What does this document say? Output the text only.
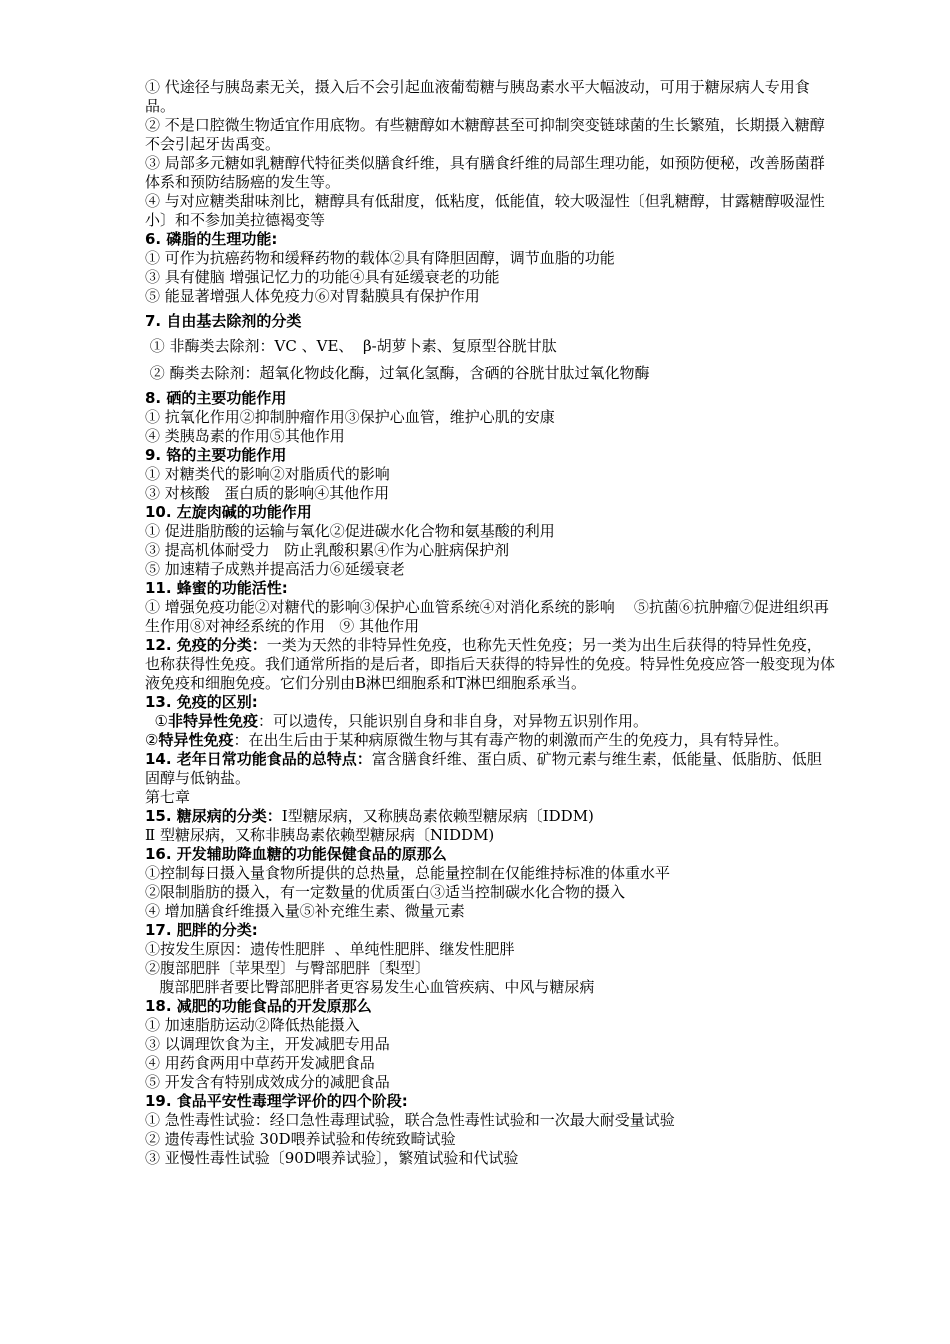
① 代途径与胰岛素无关，摄入后不会引起血液葡萄糖与胰岛素水平大幅波动，可用于糖尿病人专用食品。

② 不是口腔微生物适宜作用底物。有些糖醇如木糖醇甚至可抑制突变链球菌的生长繁殖，长期摄入糖醇不会引起牙齿禹变。

③ 局部多元糖如乳糖醇代特征类似膳食纤维，具有膳食纤维的局部生理功能，如预防便秘，改善肠菌群体系和预防结肠癌的发生等。

④ 与对应糖类甜味剂比，糖醇具有低甜度，低粘度，低能值，较大吸湿性〔但乳糖醇，甘露糖醇吸湿性小〕和不参加美拉德褐变等

6. 磷脂的生理功能:

① 可作为抗癌药物和缓释药物的载体②具有降胆固醇，调节血脂的功能

③ 具有健脑 增强记忆力的功能④具有延缓衰老的功能

⑤ 能显著增强人体免疫力⑥对胃黏膜具有保护作用

7. 自由基去除剂的分类

① 非酶类去除剂：VC 、VE、  β-胡萝卜素、复原型谷胱甘肽

② 酶类去除剂：超氧化物歧化酶，过氧化氢酶，含硒的谷胱甘肽过氧化物酶

8. 硒的主要功能作用

① 抗氧化作用②抑制肿瘤作用③保护心血管，维护心肌的安康

④ 类胰岛素的作用⑤其他作用

9. 铬的主要功能作用

① 对糖类代的影响②对脂质代的影响

③ 对核酸   蛋白质的影响④其他作用

10. 左旋肉碱的功能作用

① 促进脂肪酸的运输与氧化②促进碳水化合物和氨基酸的利用

③ 提高机体耐受力   防止乳酸积累④作为心脏病保护剂

⑤ 加速精子成熟并提高活力⑥延缓衰老

11. 蜂蜜的功能活性:

① 增强免疫功能②对糖代的影响③保护心血管系统④对消化系统的影响    ⑤抗菌⑥抗肿瘤⑦促进组织再生作用⑧对神经系统的作用   ⑨ 其他作用

12. 免疫的分类：一类为天然的非特异性免疫，也称先天性免疫；另一类为出生后获得的特异性免疫，也称获得性免疫。我们通常所指的是后者，即指后天获得的特异性的免疫。特异性免疫应答一般变现为体液免疫和细胞免疫。它们分别由B淋巴细胞系和T淋巴细胞系承当。

13. 免疫的区别:

①非特异性免疫：可以遗传，只能识别自身和非自身，对异物五识别作用。

②特异性免疫：在出生后由于某种病原微生物与其有毒产物的刺激而产生的免疫力，具有特异性。

14. 老年日常功能食品的总特点：富含膳食纤维、蛋白质、矿物元素与维生素，低能量、低脂肪、低胆固醇与低钠盐。

第七章

15. 糖尿病的分类：Ⅰ型糖尿病，又称胰岛素依赖型糖尿病〔IDDM)

Ⅱ 型糖尿病，又称非胰岛素依赖型糖尿病〔NIDDM)

16. 开发辅助降血糖的功能保健食品的原那么

①控制每日摄入量食物所提供的总热量，总能量控制在仅能维持标准的体重水平

②限制脂肪的摄入，有一定数量的优质蛋白③适当控制碳水化合物的摄入

④ 增加膳食纤维摄入量⑤补充维生素、微量元素

17. 肥胖的分类:

①按发生原因：遗传性肥胖  、单纯性肥胖、继发性肥胖

②腹部肥胖〔苹果型〕与臀部肥胖〔梨型〕

腹部肥胖者要比臀部肥胖者更容易发生心血管疾病、中风与糖尿病

18. 减肥的功能食品的开发原那么

① 加速脂肪运动②降低热能摄入

③ 以调理饮食为主，开发减肥专用品

④ 用药食两用中草药开发减肥食品

⑤ 开发含有特别成效成分的减肥食品

19. 食品平安性毒理学评价的四个阶段:

① 急性毒性试验：经口急性毒理试验，联合急性毒性试验和一次最大耐受量试验

② 遗传毒性试验 30D喂养试验和传统致畸试验

③ 亚慢性毒性试验〔90D喂养试验〕，繁殖试验和代试验
